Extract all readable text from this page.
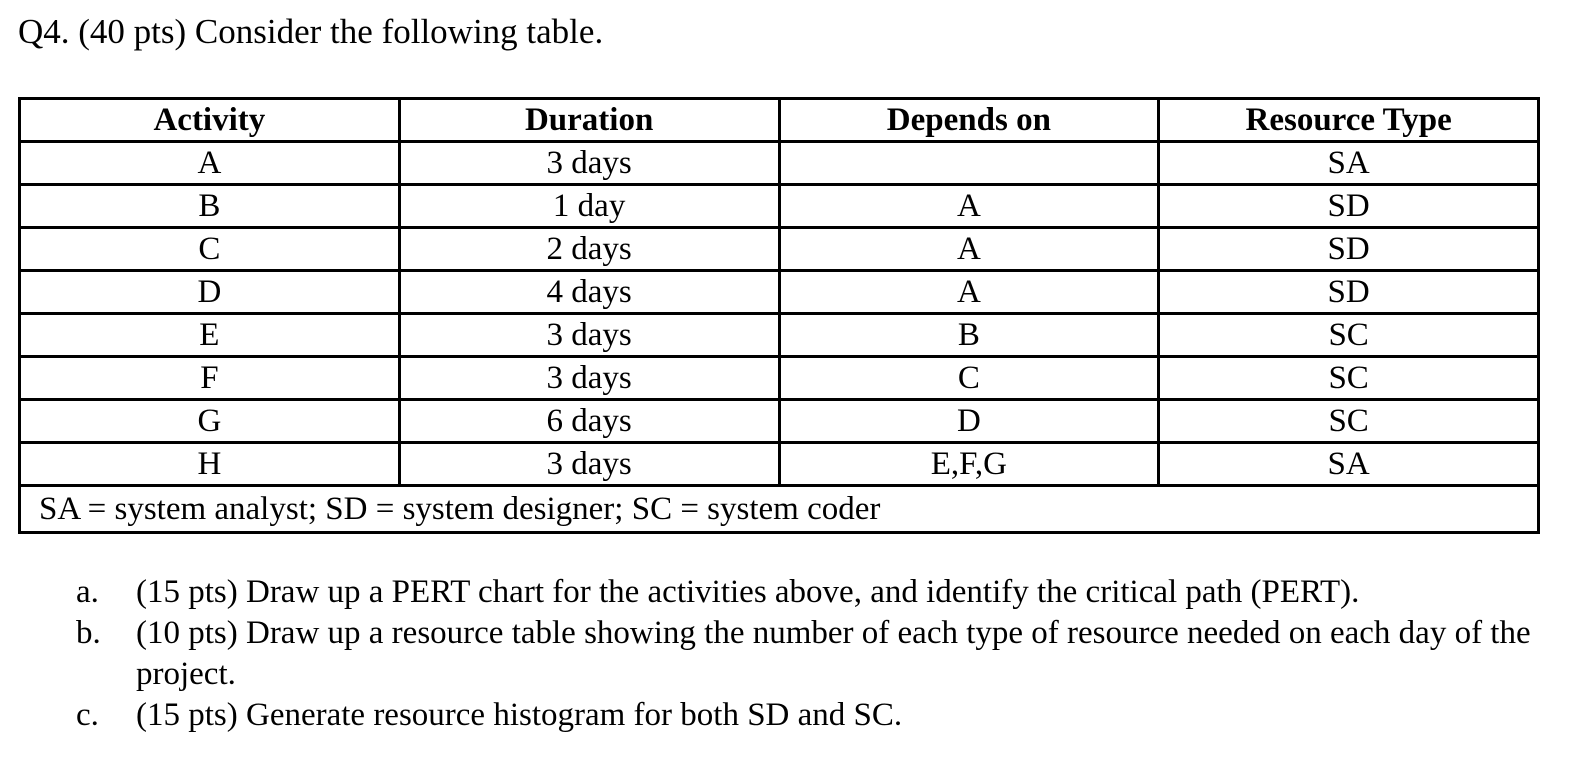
Q4. (40 pts) Consider the following table.
Activity	Duration	Depends on	Resource Type
A	3 days		SA
B	1 day	A	SD
C	2 days	A	SD
D	4 days	A	SD
E	3 days	B	SC
F	3 days	C	SC
G	6 days	D	SC
H	3 days	E,F,G	SA
SA = system analyst; SD = system designer; SC = system coder			
a. (15 pts) Draw up a PERT chart for the activities above, and identify the critical path (PERT).
b. (10 pts) Draw up a resource table showing the number of each type of resource needed on each day of the project.
c. (15 pts) Generate resource histogram for both SD and SC.
